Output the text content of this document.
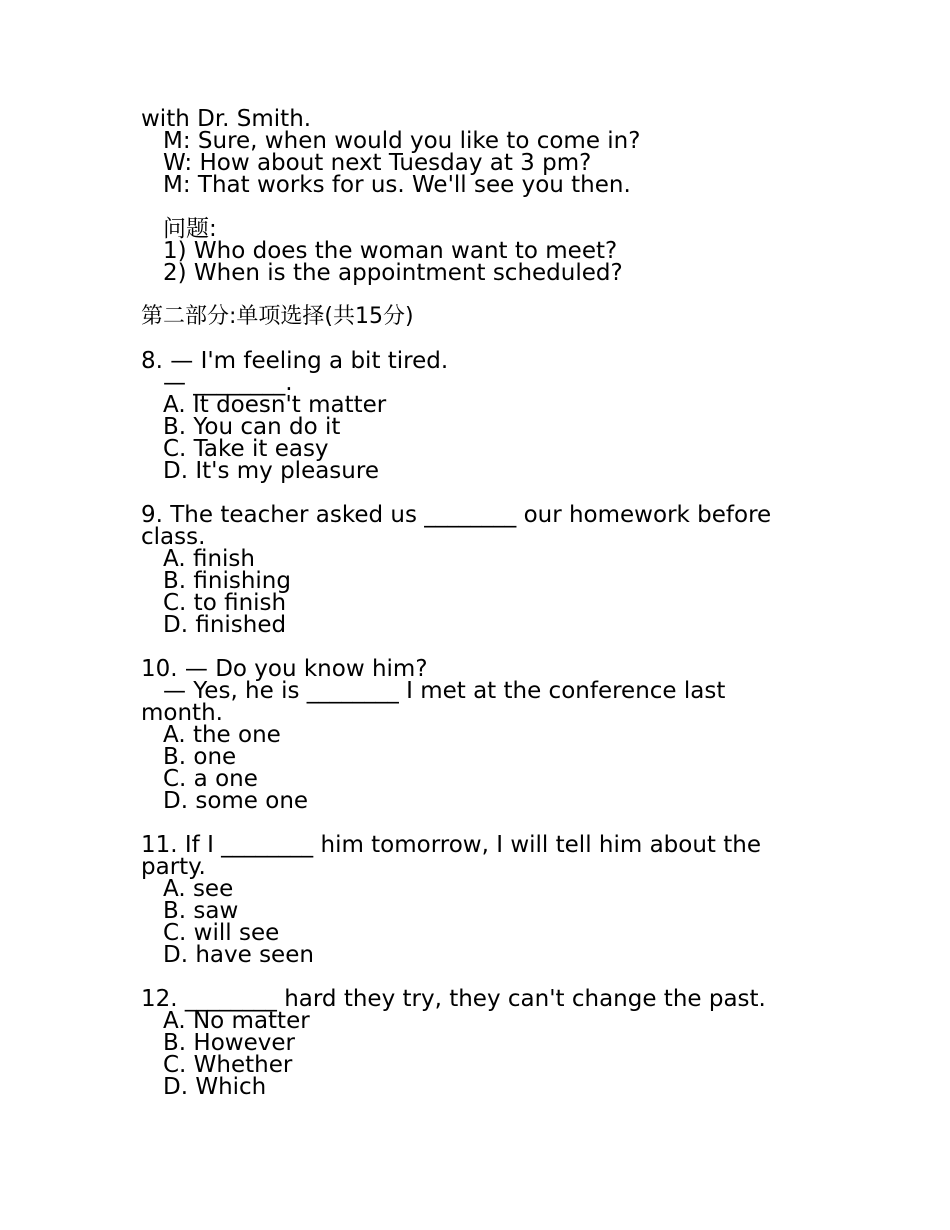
with Dr. Smith.
M: Sure, when would you like to come in?
W: How about next Tuesday at 3 pm?
M: That works for us. We'll see you then.
问题:
1) Who does the woman want to meet?
2) When is the appointment scheduled?
第二部分:单项选择(共15分)
8. — I'm feeling a bit tired.
— ________.
A. It doesn't matter
B. You can do it
C. Take it easy
D. It's my pleasure
9. The teacher asked us ________ our homework before
class.
A. finish
B. finishing
C. to finish
D. finished
10. — Do you know him?
— Yes, he is ________ I met at the conference last
month.
A. the one
B. one
C. a one
D. some one
11. If I ________ him tomorrow, I will tell him about the
party.
A. see
B. saw
C. will see
D. have seen
12. ________ hard they try, they can't change the past.
A. No matter
B. However
C. Whether
D. Which
